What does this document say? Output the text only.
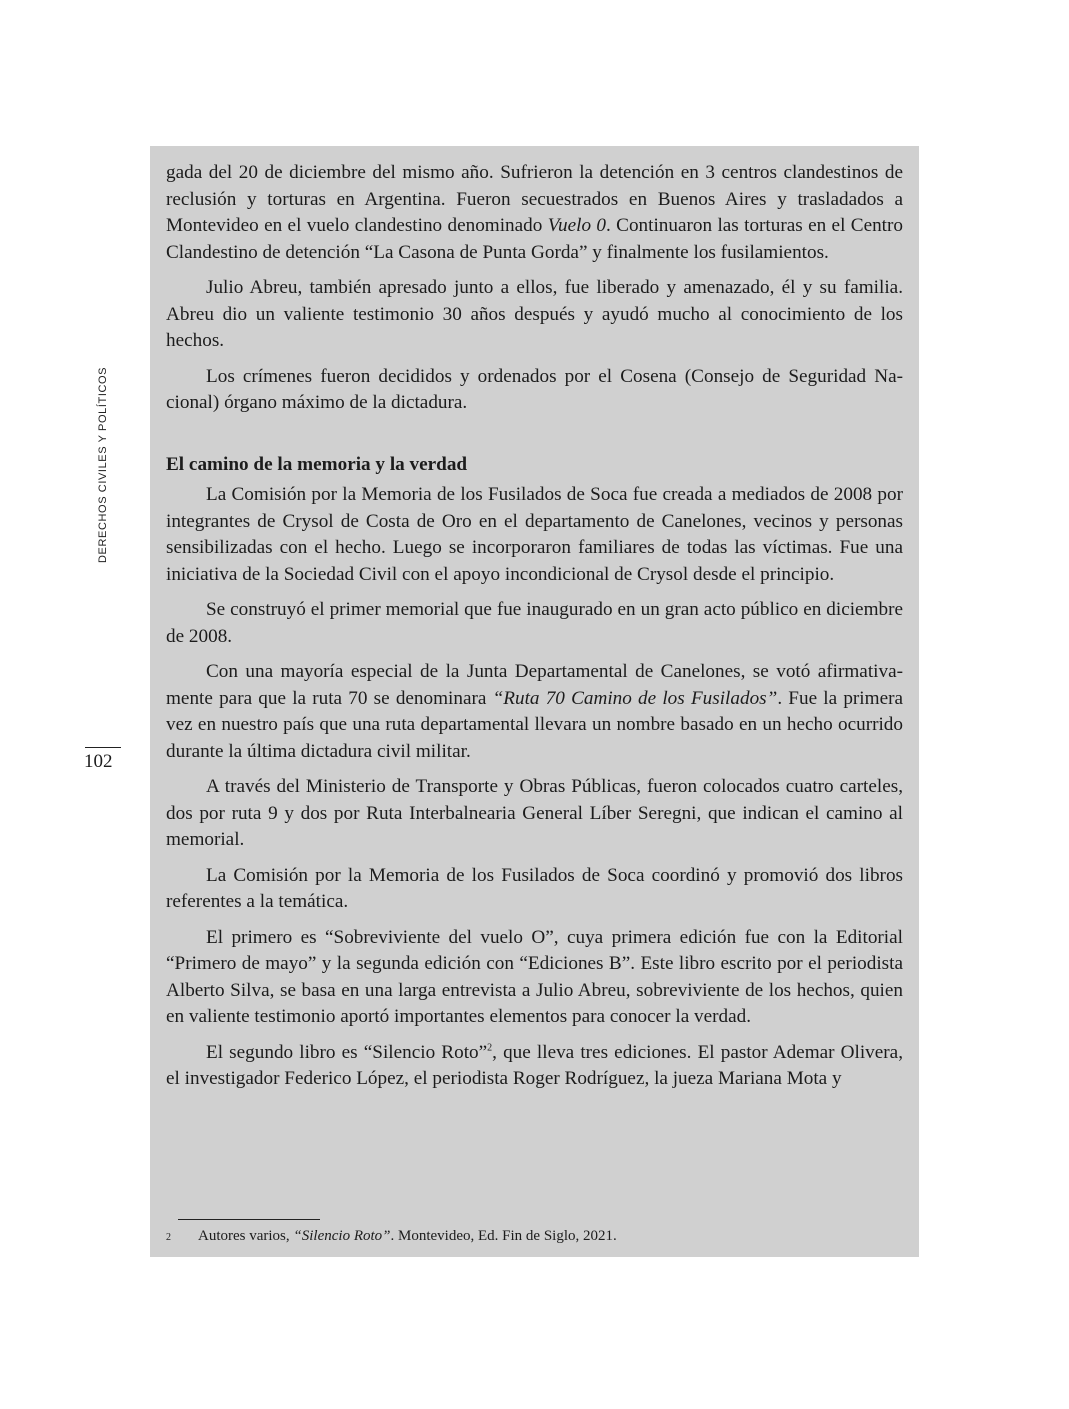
DERECHOS CIVILES Y POLÍTICOS
102

gada del 20 de diciembre del mismo año. Sufrieron la detención en 3 centros clandestinos de reclusión y torturas en Argentina. Fueron secuestrados en Buenos Aires y trasladados a Montevideo en el vuelo clandestino denominado Vuelo 0. Continuaron las torturas en el Centro Clandestino de detención “La Casona de Punta Gorda” y finalmente los fusilamientos.

Julio Abreu, también apresado junto a ellos, fue liberado y amenazado, él y su familia. Abreu dio un valiente testimonio 30 años después y ayudó mucho al conocimiento de los hechos.

Los crímenes fueron decididos y ordenados por el Cosena (Consejo de Seguridad Nacional) órgano máximo de la dictadura.

El camino de la memoria y la verdad

La Comisión por la Memoria de los Fusilados de Soca fue creada a mediados de 2008 por integrantes de Crysol de Costa de Oro en el departamento de Canelones, vecinos y personas sensibilizadas con el hecho. Luego se incorporaron familiares de todas las víctimas. Fue una iniciativa de la Sociedad Civil con el apoyo incondicional de Crysol desde el principio.

Se construyó el primer memorial que fue inaugurado en un gran acto público en diciembre de 2008.

Con una mayoría especial de la Junta Departamental de Canelones, se votó afirmativamente para que la ruta 70 se denominara “Ruta 70 Camino de los Fusilados”. Fue la primera vez en nuestro país que una ruta departamental llevara un nombre basado en un hecho ocurrido durante la última dictadura civil militar.

A través del Ministerio de Transporte y Obras Públicas, fueron colocados cuatro carteles, dos por ruta 9 y dos por Ruta Interbalnearia General Líber Seregni, que indican el camino al memorial.

La Comisión por la Memoria de los Fusilados de Soca coordinó y promovió dos libros referentes a la temática.

El primero es “Sobreviviente del vuelo O”, cuya primera edición fue con la Editorial “Primero de mayo” y la segunda edición con “Ediciones B”. Este libro escrito por el periodista Alberto Silva, se basa en una larga entrevista a Julio Abreu, sobreviviente de los hechos, quien en valiente testimonio aportó importantes elementos para conocer la verdad.

El segundo libro es “Silencio Roto”$^2$, que lleva tres ediciones. El pastor Ademar Olivera, el investigador Federico López, el periodista Roger Rodríguez, la jueza Mariana Mota y

2 Autores varios, “Silencio Roto”. Montevideo, Ed. Fin de Siglo, 2021.
